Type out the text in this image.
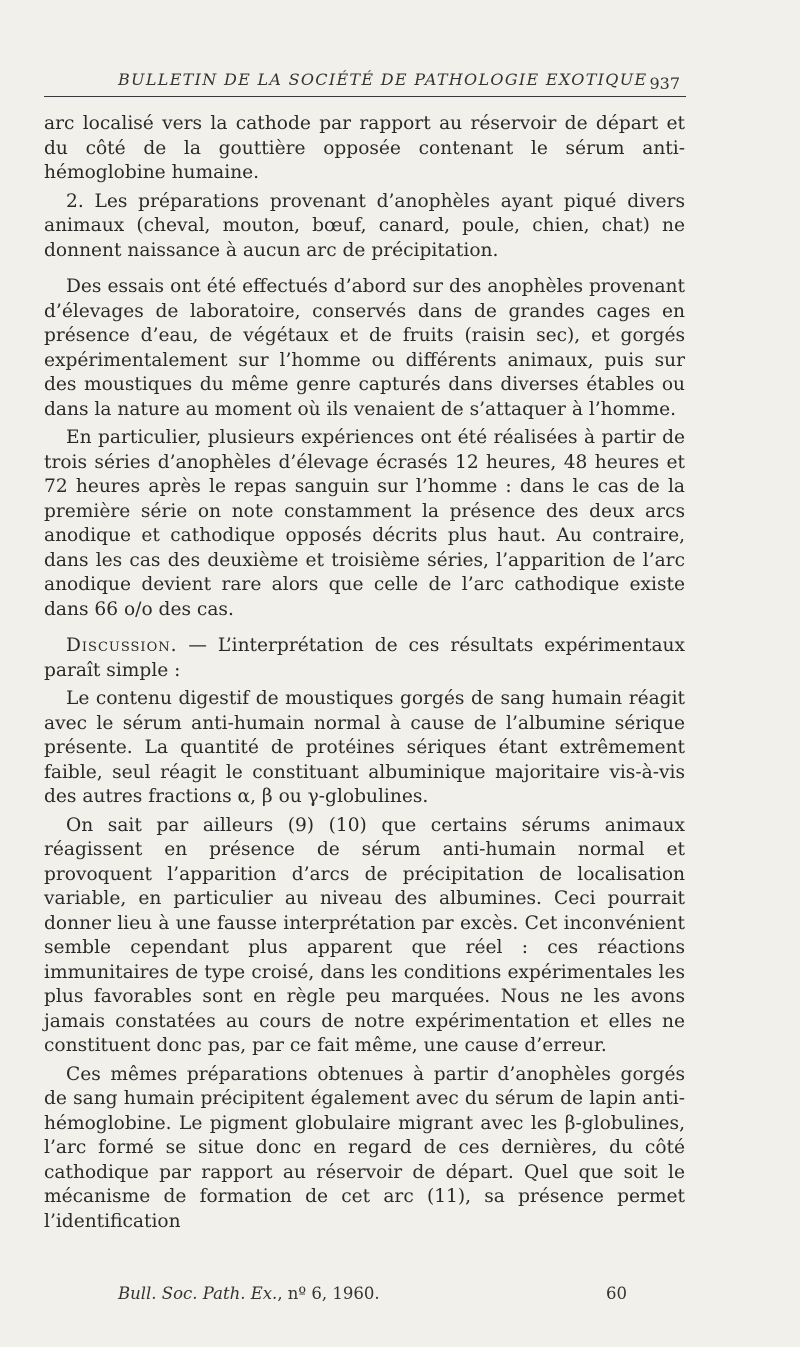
BULLETIN DE LA SOCIÉTÉ DE PATHOLOGIE EXOTIQUE 937

arc localisé vers la cathode par rapport au réservoir de départ et du côté de la gouttière opposée contenant le sérum anti-hémoglobine humaine.

2. Les préparations provenant d’anophèles ayant piqué divers animaux (cheval, mouton, bœuf, canard, poule, chien, chat) ne donnent naissance à aucun arc de précipitation.

Des essais ont été effectués d’abord sur des anophèles provenant d’élevages de laboratoire, conservés dans de grandes cages en présence d’eau, de végétaux et de fruits (raisin sec), et gorgés expérimentalement sur l’homme ou différents animaux, puis sur des moustiques du même genre capturés dans diverses étables ou dans la nature au moment où ils venaient de s’attaquer à l’homme.

En particulier, plusieurs expériences ont été réalisées à partir de trois séries d’anophèles d’élevage écrasés 12 heures, 48 heures et 72 heures après le repas sanguin sur l’homme : dans le cas de la première série on note constamment la présence des deux arcs anodique et cathodique opposés décrits plus haut. Au contraire, dans les cas des deuxième et troisième séries, l’apparition de l’arc anodique devient rare alors que celle de l’arc cathodique existe dans 66 o/o des cas.

Discussion. — L’interprétation de ces résultats expérimentaux paraît simple :

Le contenu digestif de moustiques gorgés de sang humain réagit avec le sérum anti-humain normal à cause de l’albumine sérique présente. La quantité de protéines sériques étant extrêmement faible, seul réagit le constituant albuminique majoritaire vis-à-vis des autres fractions α, β ou γ-globulines.

On sait par ailleurs (9) (10) que certains sérums animaux réagissent en présence de sérum anti-humain normal et provoquent l’apparition d’arcs de précipitation de localisation variable, en particulier au niveau des albumines. Ceci pourrait donner lieu à une fausse interprétation par excès. Cet inconvénient semble cependant plus apparent que réel : ces réactions immunitaires de type croisé, dans les conditions expérimentales les plus favorables sont en règle peu marquées. Nous ne les avons jamais constatées au cours de notre expérimentation et elles ne constituent donc pas, par ce fait même, une cause d’erreur.

Ces mêmes préparations obtenues à partir d’anophèles gorgés de sang humain précipitent également avec du sérum de lapin anti-hémoglobine. Le pigment globulaire migrant avec les β-globulines, l’arc formé se situe donc en regard de ces dernières, du côté cathodique par rapport au réservoir de départ. Quel que soit le mécanisme de formation de cet arc (11), sa présence permet l’identification

Bull. Soc. Path. Ex., nº 6, 1960.	60
